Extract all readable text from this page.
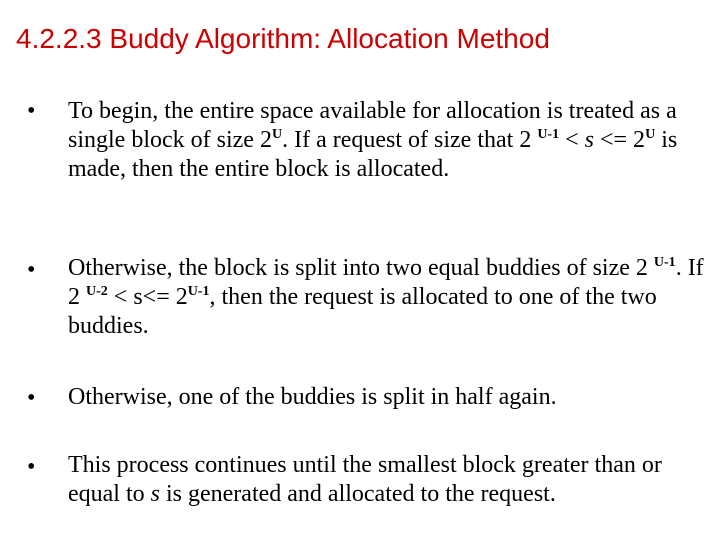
4.2.2.3 Buddy Algorithm: Allocation Method
• To begin, the entire space available for allocation is treated as a single block of size $2^U$. If a request of size that 2 $^{U-1} < s <= 2^U$ is made, then the entire block is allocated.

• Otherwise, the block is split into two equal buddies of size 2 $^{U-1}$. If 2 $^{U-2} < s<= 2^{U-1}$, then the request is allocated to one of the two buddies.

• Otherwise, one of the buddies is split in half again.

• This process continues until the smallest block greater than or equal to s is generated and allocated to the request.
